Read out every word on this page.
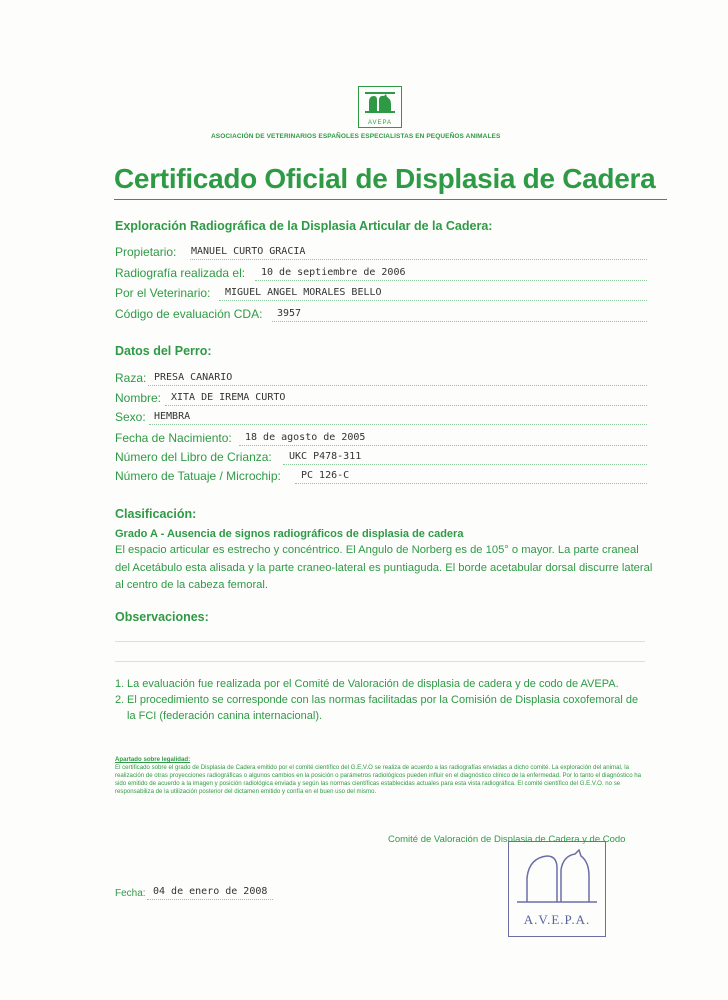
AVEPA
ASOCIACIÓN DE VETERINARIOS ESPAÑOLES ESPECIALISTAS EN PEQUEÑOS ANIMALES
Certificado Oficial de Displasia de Cadera
Exploración Radiográfica de la Displasia Articular de la Cadera:
Propietario: MANUEL CURTO GRACIA
Radiografía realizada el: 10 de septiembre de 2006
Por el Veterinario: MIGUEL ANGEL MORALES BELLO
Código de evaluación CDA: 3957
Datos del Perro:
Raza: PRESA CANARIO
Nombre: XITA DE IREMA CURTO
Sexo: HEMBRA
Fecha de Nacimiento: 18 de agosto de 2005
Número del Libro de Crianza: UKC P478-311
Número de Tatuaje / Microchip: PC 126-C
Clasificación:
Grado A - Ausencia de signos radiográficos de displasia de cadera
El espacio articular es estrecho y concéntrico. El Angulo de Norberg es de 105° o mayor. La parte craneal del Acetábulo esta alisada y la parte craneo-lateral es puntiaguda. El borde acetabular dorsal discurre lateral al centro de la cabeza femoral.
Observaciones:
1. La evaluación fue realizada por el Comité de Valoración de displasia de cadera y de codo de AVEPA.
2. El procedimiento se corresponde con las normas facilitadas por la Comisión de Displasia coxofemoral de la FCI (federación canina internacional).
Apartado sobre legalidad:
El certificado sobre el grado de Displasia de Cadera emitido por el comité científico del G.E.V.O se realiza de acuerdo a las radiografías enviadas a dicho comité. La exploración del animal, la realización de otras proyecciones radiográficas o algunos cambios en la posición o parámetros radiológicos pueden influir en el diagnóstico clínico de la enfermedad. Por lo tanto el diagnóstico ha sido emitido de acuerdo a la imagen y posición radiológica enviada y según las normas científicas establecidas actuales para esta vista radiográfica. El comité científico del G.E.V.O. no se responsabiliza de la utilización posterior del dictamen emitido y confía en el buen uso del mismo.
Comité de Valoración de Displasia de Cadera y de Codo
A.V.E.P.A.
Fecha: 04 de enero de 2008
